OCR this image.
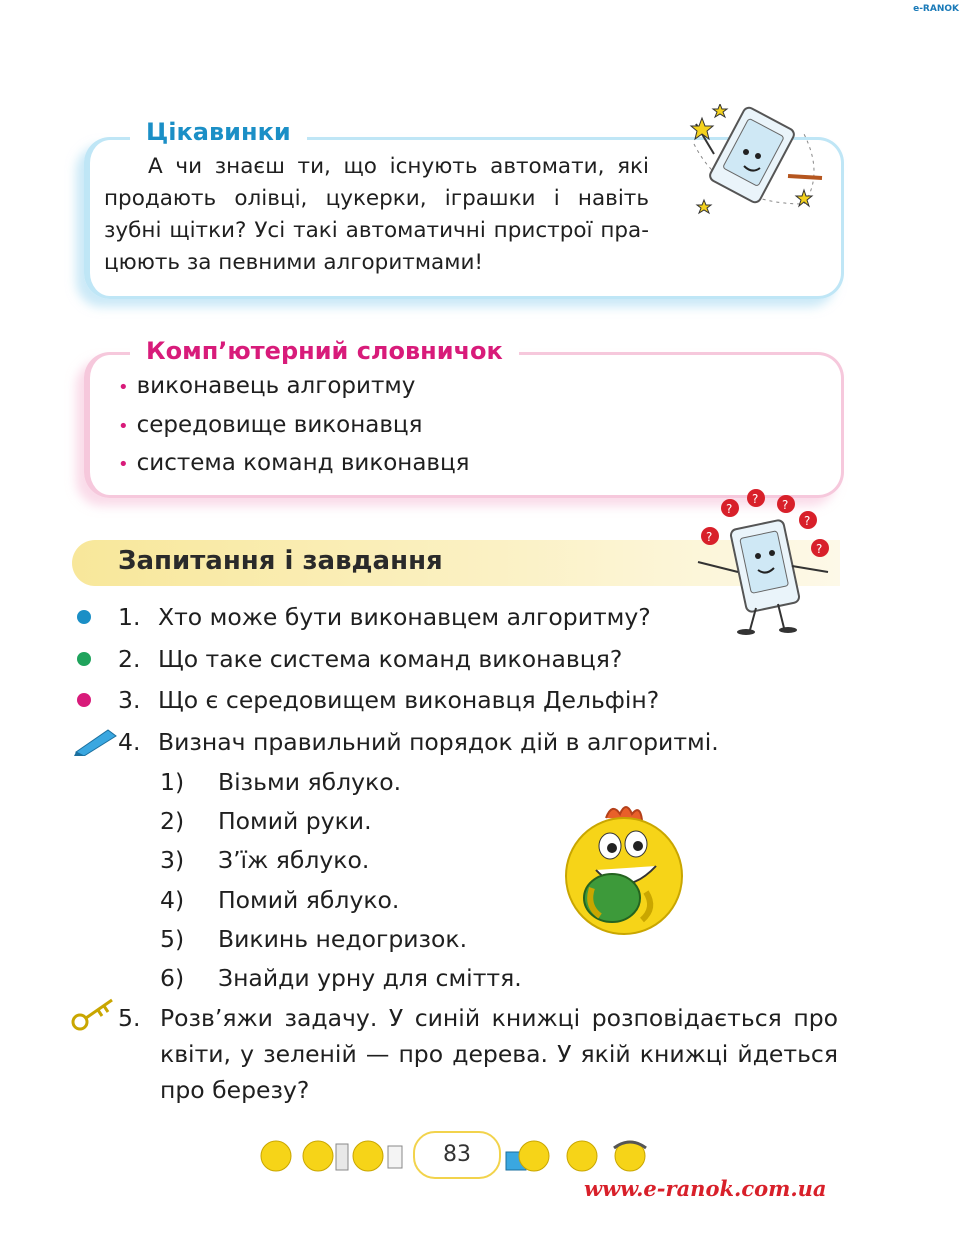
e-RANOK
Цікавинки

А чи знаєш ти, що існують автомати, які продають олівці, цукерки, іграшки і навіть зубні щітки? Усі такі автоматичні пристрої пра-цюють за певними алгоритмами!

Комп’ютерний словничок
• виконавець алгоритму
• середовище виконавця
• система команд виконавця
Запитання і завдання
?
?
? ?
?
?
1. Хто може бути виконавцем алгоритму?
2. Що таке система команд виконавця?
3. Що є середовищем виконавця Дельфін?
4. Визнач правильний порядок дій в алгоритмі.
1) Візьми яблуко.
2) Помий руки.
3) З’їж яблуко.
4) Помий яблуко.
5) Викинь недогризок.
6) Знайди урну для сміття.
5. Розв’яжи задачу. У синій книжці розповідається про квіти, у зеленій — про дерева. У якій книжці йдеться про березу?
83
www.e-ranok.com.ua
